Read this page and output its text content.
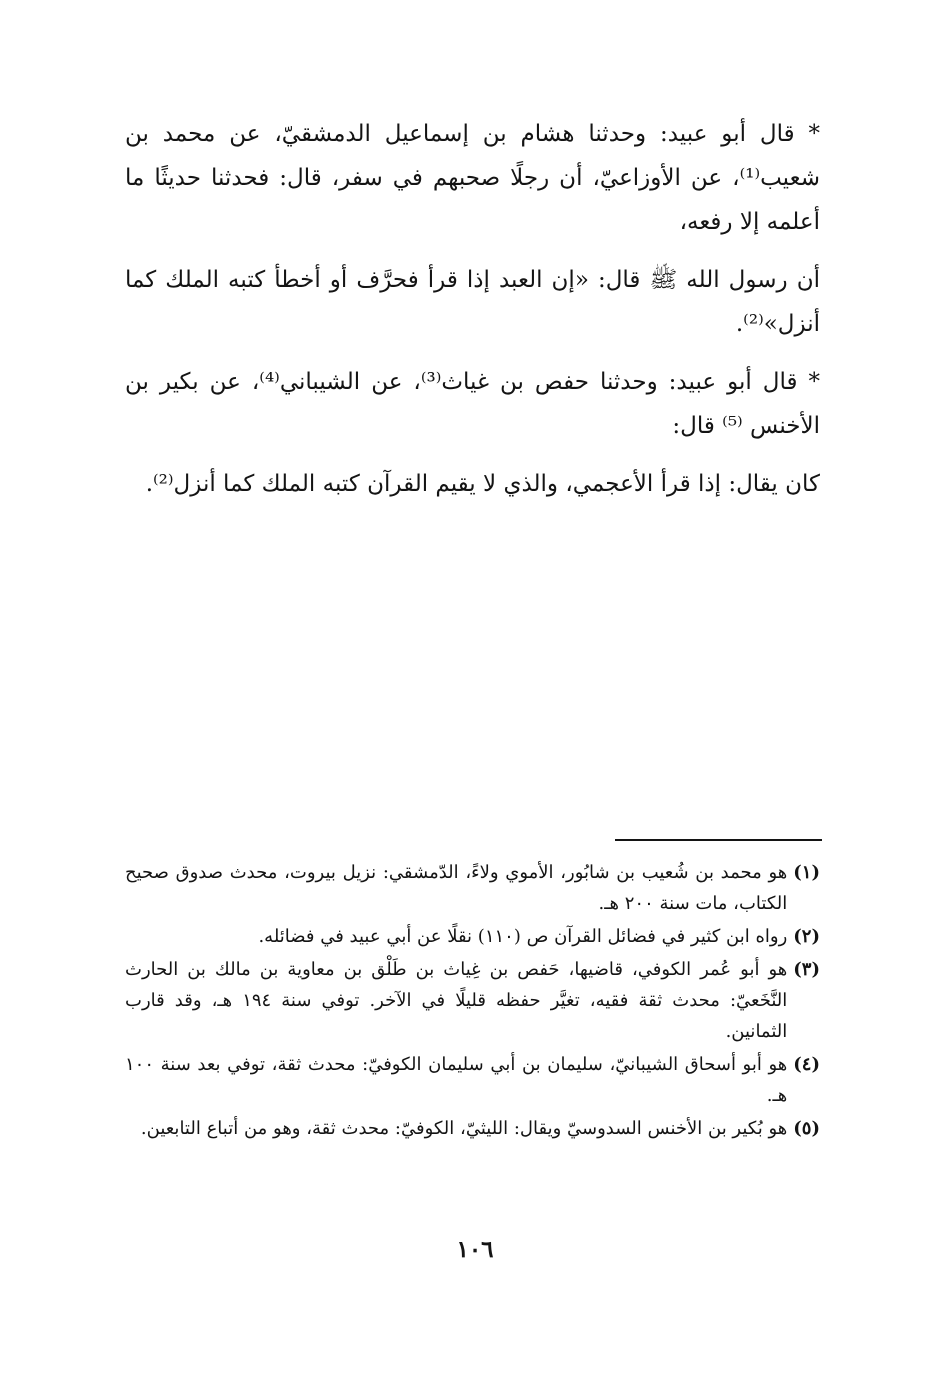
* قال أبو عبيد: وحدثنا هشام بن إسماعيل الدمشقيّ، عن محمد بن شعيب⁽¹⁾، عن الأوزاعيّ، أن رجلًا صحبهم في سفر، قال: فحدثنا حديثًا ما أعلمه إلا رفعه،

أن رسول الله ﷺ قال: «إن العبد إذا قرأ فحرَّف أو أخطأ كتبه الملك كما أنزل»⁽²⁾.

* قال أبو عبيد: وحدثنا حفص بن غياث⁽³⁾، عن الشيباني⁽⁴⁾، عن بكير بن الأخنس ⁽⁵⁾ قال:

كان يقال: إذا قرأ الأعجمي، والذي لا يقيم القرآن كتبه الملك كما أنزل⁽²⁾.

(١)
هو محمد بن شُعيب بن شابُور، الأموي ولاءً، الدّمشقي: نزيل بيروت، محدث صدوق صحيح الكتاب، مات سنة ٢٠٠ هـ.
(٢)
رواه ابن كثير في فضائل القرآن ص (١١٠) نقلًا عن أبي عبيد في فضائله.
(٣)
هو أبو عُمر الكوفي، قاضيها، حَفص بن غِياث بن طَلْق بن معاوية بن مالك بن الحارث النَّخَعيّ: محدث ثقة فقيه، تغيَّر حفظه قليلًا في الآخر. توفي سنة ١٩٤ هـ، وقد قارب الثمانين.
(٤)
هو أبو أسحاق الشيبانيّ، سليمان بن أبي سليمان الكوفيّ: محدث ثقة، توفي بعد سنة ١٠٠ هـ.
(٥)
هو بُكير بن الأخنس السدوسيّ ويقال: الليثيّ، الكوفيّ: محدث ثقة، وهو من أتباع التابعين.
١٠٦
